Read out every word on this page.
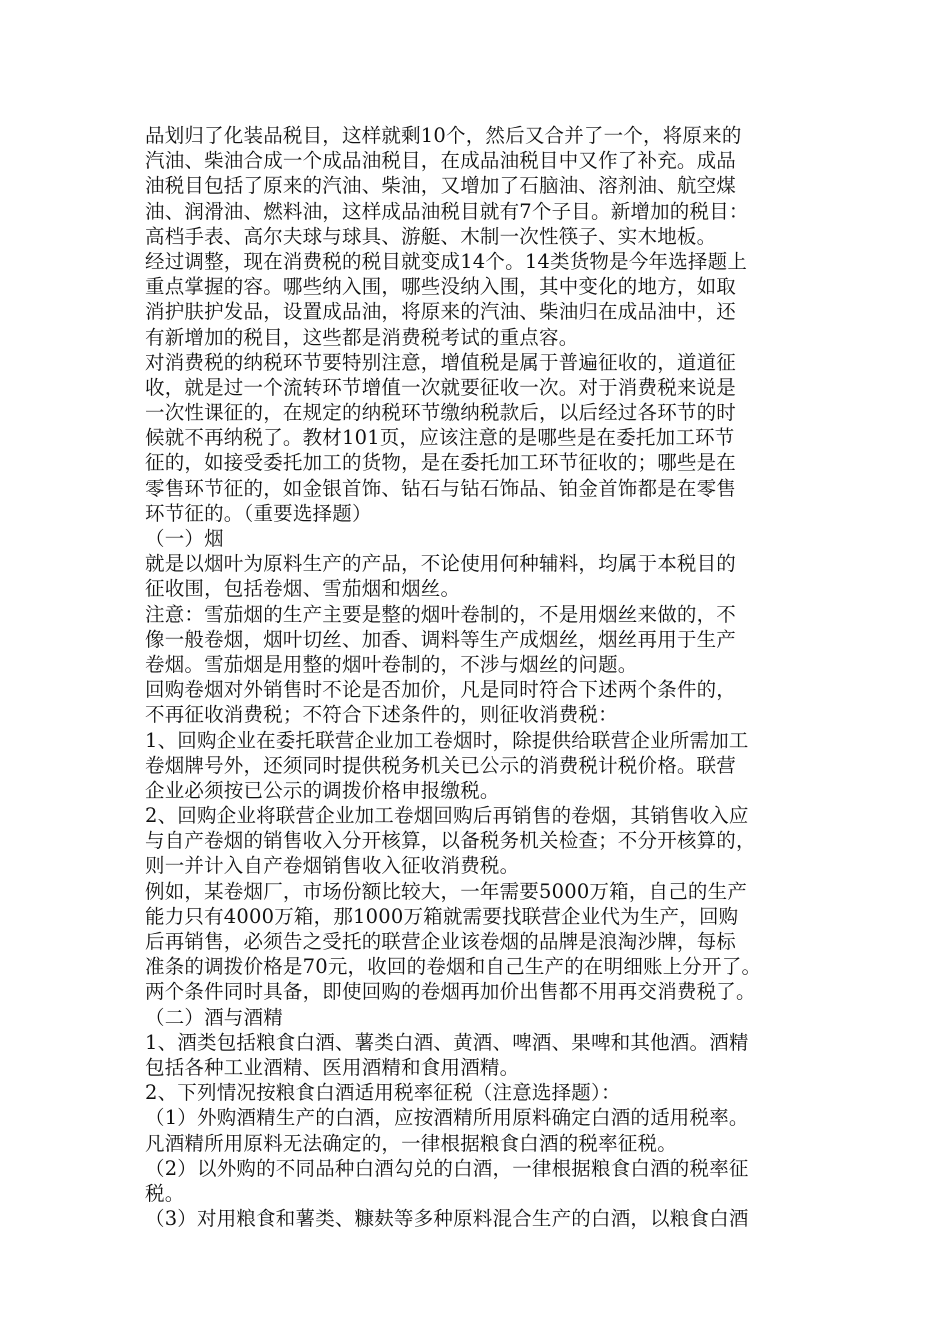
品划归了化装品税目，这样就剩10个，然后又合并了一个，将原来的
汽油、柴油合成一个成品油税目，在成品油税目中又作了补充。成品
油税目包括了原来的汽油、柴油，又增加了石脑油、溶剂油、航空煤
油、润滑油、燃料油，这样成品油税目就有7个子目。新增加的税目：
高档手表、高尔夫球与球具、游艇、木制一次性筷子、实木地板。
经过调整，现在消费税的税目就变成14个。14类货物是今年选择题上
重点掌握的容。哪些纳入围，哪些没纳入围，其中变化的地方，如取
消护肤护发品，设置成品油，将原来的汽油、柴油归在成品油中，还
有新增加的税目，这些都是消费税考试的重点容。
对消费税的纳税环节要特别注意，增值税是属于普遍征收的，道道征
收，就是过一个流转环节增值一次就要征收一次。对于消费税来说是
一次性课征的，在规定的纳税环节缴纳税款后，以后经过各环节的时
候就不再纳税了。教材101页，应该注意的是哪些是在委托加工环节
征的，如接受委托加工的货物，是在委托加工环节征收的；哪些是在
零售环节征的，如金银首饰、钻石与钻石饰品、铂金首饰都是在零售
环节征的。（重要选择题）
（一）烟
就是以烟叶为原料生产的产品，不论使用何种辅料，均属于本税目的
征收围，包括卷烟、雪茄烟和烟丝。
注意：雪茄烟的生产主要是整的烟叶卷制的，不是用烟丝来做的，不
像一般卷烟，烟叶切丝、加香、调料等生产成烟丝，烟丝再用于生产
卷烟。雪茄烟是用整的烟叶卷制的，不涉与烟丝的问题。
回购卷烟对外销售时不论是否加价，凡是同时符合下述两个条件的，
不再征收消费税；不符合下述条件的，则征收消费税：
1、回购企业在委托联营企业加工卷烟时，除提供给联营企业所需加工
卷烟牌号外，还须同时提供税务机关已公示的消费税计税价格。联营
企业必须按已公示的调拨价格申报缴税。
2、回购企业将联营企业加工卷烟回购后再销售的卷烟，其销售收入应
与自产卷烟的销售收入分开核算，以备税务机关检查；不分开核算的，
则一并计入自产卷烟销售收入征收消费税。
例如，某卷烟厂，市场份额比较大，一年需要5000万箱，自己的生产
能力只有4000万箱，那1000万箱就需要找联营企业代为生产，回购
后再销售，必须告之受托的联营企业该卷烟的品牌是浪淘沙牌，每标
准条的调拨价格是70元，收回的卷烟和自己生产的在明细账上分开了。
两个条件同时具备，即使回购的卷烟再加价出售都不用再交消费税了。
（二）酒与酒精
1、酒类包括粮食白酒、薯类白酒、黄酒、啤酒、果啤和其他酒。酒精
包括各种工业酒精、医用酒精和食用酒精。
2、下列情况按粮食白酒适用税率征税（注意选择题）：
（1）外购酒精生产的白酒，应按酒精所用原料确定白酒的适用税率。
凡酒精所用原料无法确定的，一律根据粮食白酒的税率征税。
（2）以外购的不同品种白酒勾兑的白酒，一律根据粮食白酒的税率征
税。
（3）对用粮食和薯类、糠麸等多种原料混合生产的白酒，以粮食白酒
